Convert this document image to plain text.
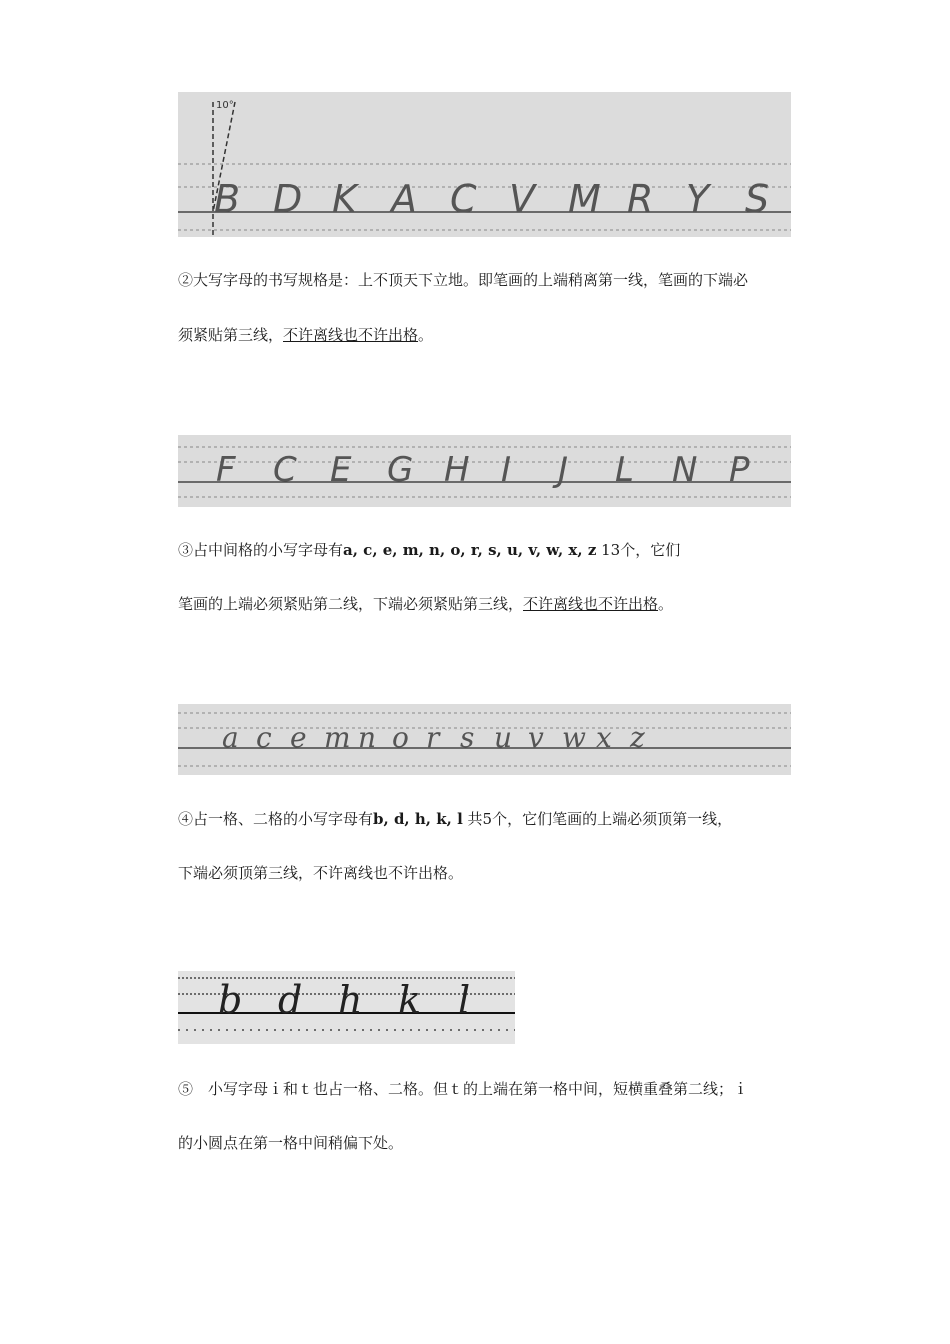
10°
B D K A C V M R Y S
②大写字母的书写规格是：上不顶天下立地。即笔画的上端稍离第一线，笔画的下端必
须紧贴第三线，不许离线也不许出格。
F C E G H I J L N P
③占中间格的小写字母有a, c, e, m, n, o, r, s, u, v, w, x, z 13个，它们
笔画的上端必须紧贴第二线，下端必须紧贴第三线，不许离线也不许出格。
a c e m n o r s u v w x z
④占一格、二格的小写字母有b, d, h, k, l 共5个，它们笔画的上端必须顶第一线，
下端必须顶第三线，不许离线也不许出格。
b d h k l
⑤　小写字母ｉ和ｔ也占一格、二格。但ｔ的上端在第一格中间，短横重叠第二线；ｉ
的小圆点在第一格中间稍偏下处。
